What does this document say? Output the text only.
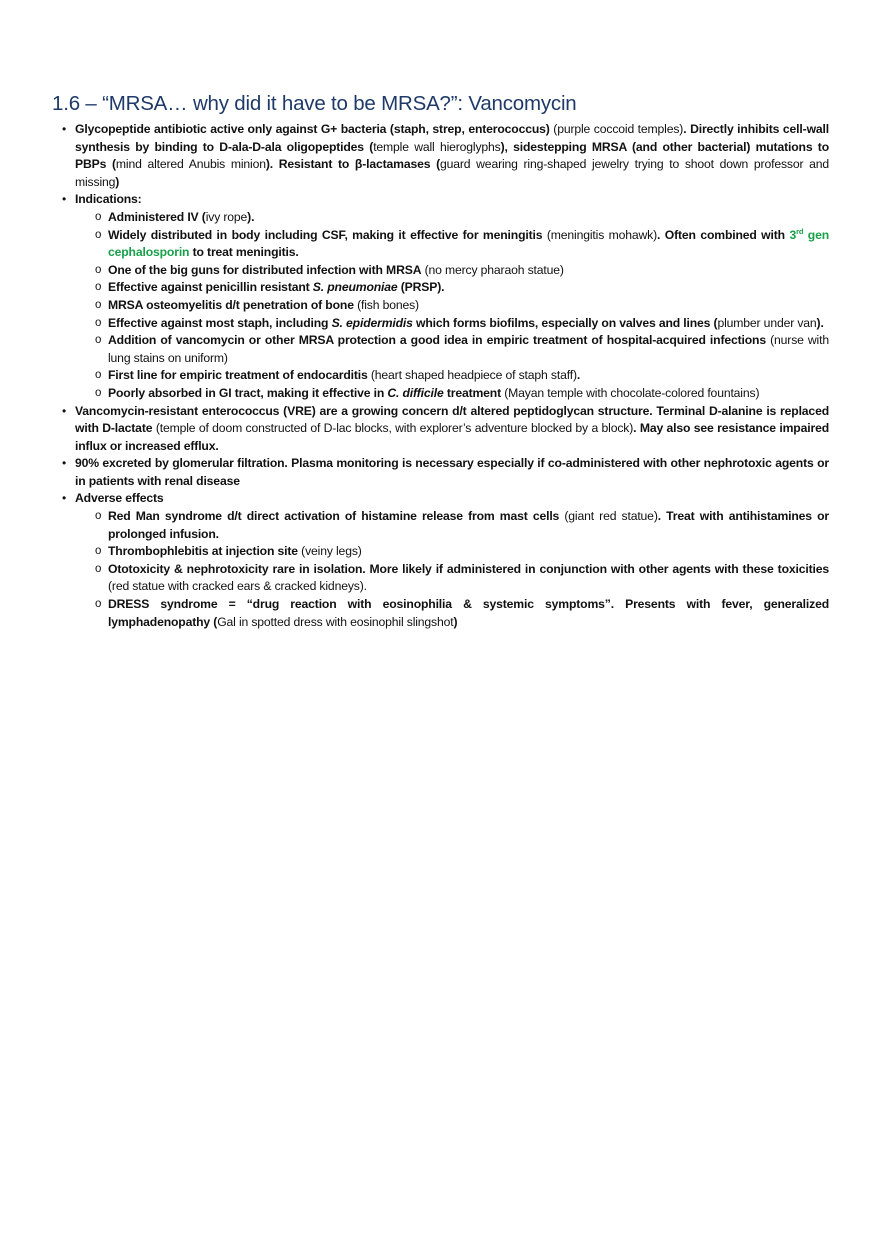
1.6 – “MRSA… why did it have to be MRSA?”: Vancomycin
• Glycopeptide antibiotic active only against G+ bacteria (staph, strep, enterococcus) (purple coccoid temples). Directly inhibits cell-wall synthesis by binding to D-ala-D-ala oligopeptides (temple wall hieroglyphs), sidestepping MRSA (and other bacterial) mutations to PBPs (mind altered Anubis minion). Resistant to β-lactamases (guard wearing ring-shaped jewelry trying to shoot down professor and missing)
• Indications:
o Administered IV (ivy rope).
o Widely distributed in body including CSF, making it effective for meningitis (meningitis mohawk). Often combined with 3rd gen cephalosporin to treat meningitis.
o One of the big guns for distributed infection with MRSA (no mercy pharaoh statue)
o Effective against penicillin resistant S. pneumoniae (PRSP).
o MRSA osteomyelitis d/t penetration of bone (fish bones)
o Effective against most staph, including S. epidermidis which forms biofilms, especially on valves and lines (plumber under van).
o Addition of vancomycin or other MRSA protection a good idea in empiric treatment of hospital-acquired infections (nurse with lung stains on uniform)
o First line for empiric treatment of endocarditis (heart shaped headpiece of staph staff).
o Poorly absorbed in GI tract, making it effective in C. difficile treatment (Mayan temple with chocolate-colored fountains)
• Vancomycin-resistant enterococcus (VRE) are a growing concern d/t altered peptidoglycan structure. Terminal D-alanine is replaced with D-lactate (temple of doom constructed of D-lac blocks, with explorer’s adventure blocked by a block). May also see resistance impaired influx or increased efflux.
• 90% excreted by glomerular filtration. Plasma monitoring is necessary especially if co-administered with other nephrotoxic agents or in patients with renal disease
• Adverse effects
o Red Man syndrome d/t direct activation of histamine release from mast cells (giant red statue). Treat with antihistamines or prolonged infusion.
o Thrombophlebitis at injection site (veiny legs)
o Ototoxicity & nephrotoxicity rare in isolation. More likely if administered in conjunction with other agents with these toxicities (red statue with cracked ears & cracked kidneys).
o DRESS syndrome = “drug reaction with eosinophilia & systemic symptoms”. Presents with fever, generalized lymphadenopathy (Gal in spotted dress with eosinophil slingshot)
